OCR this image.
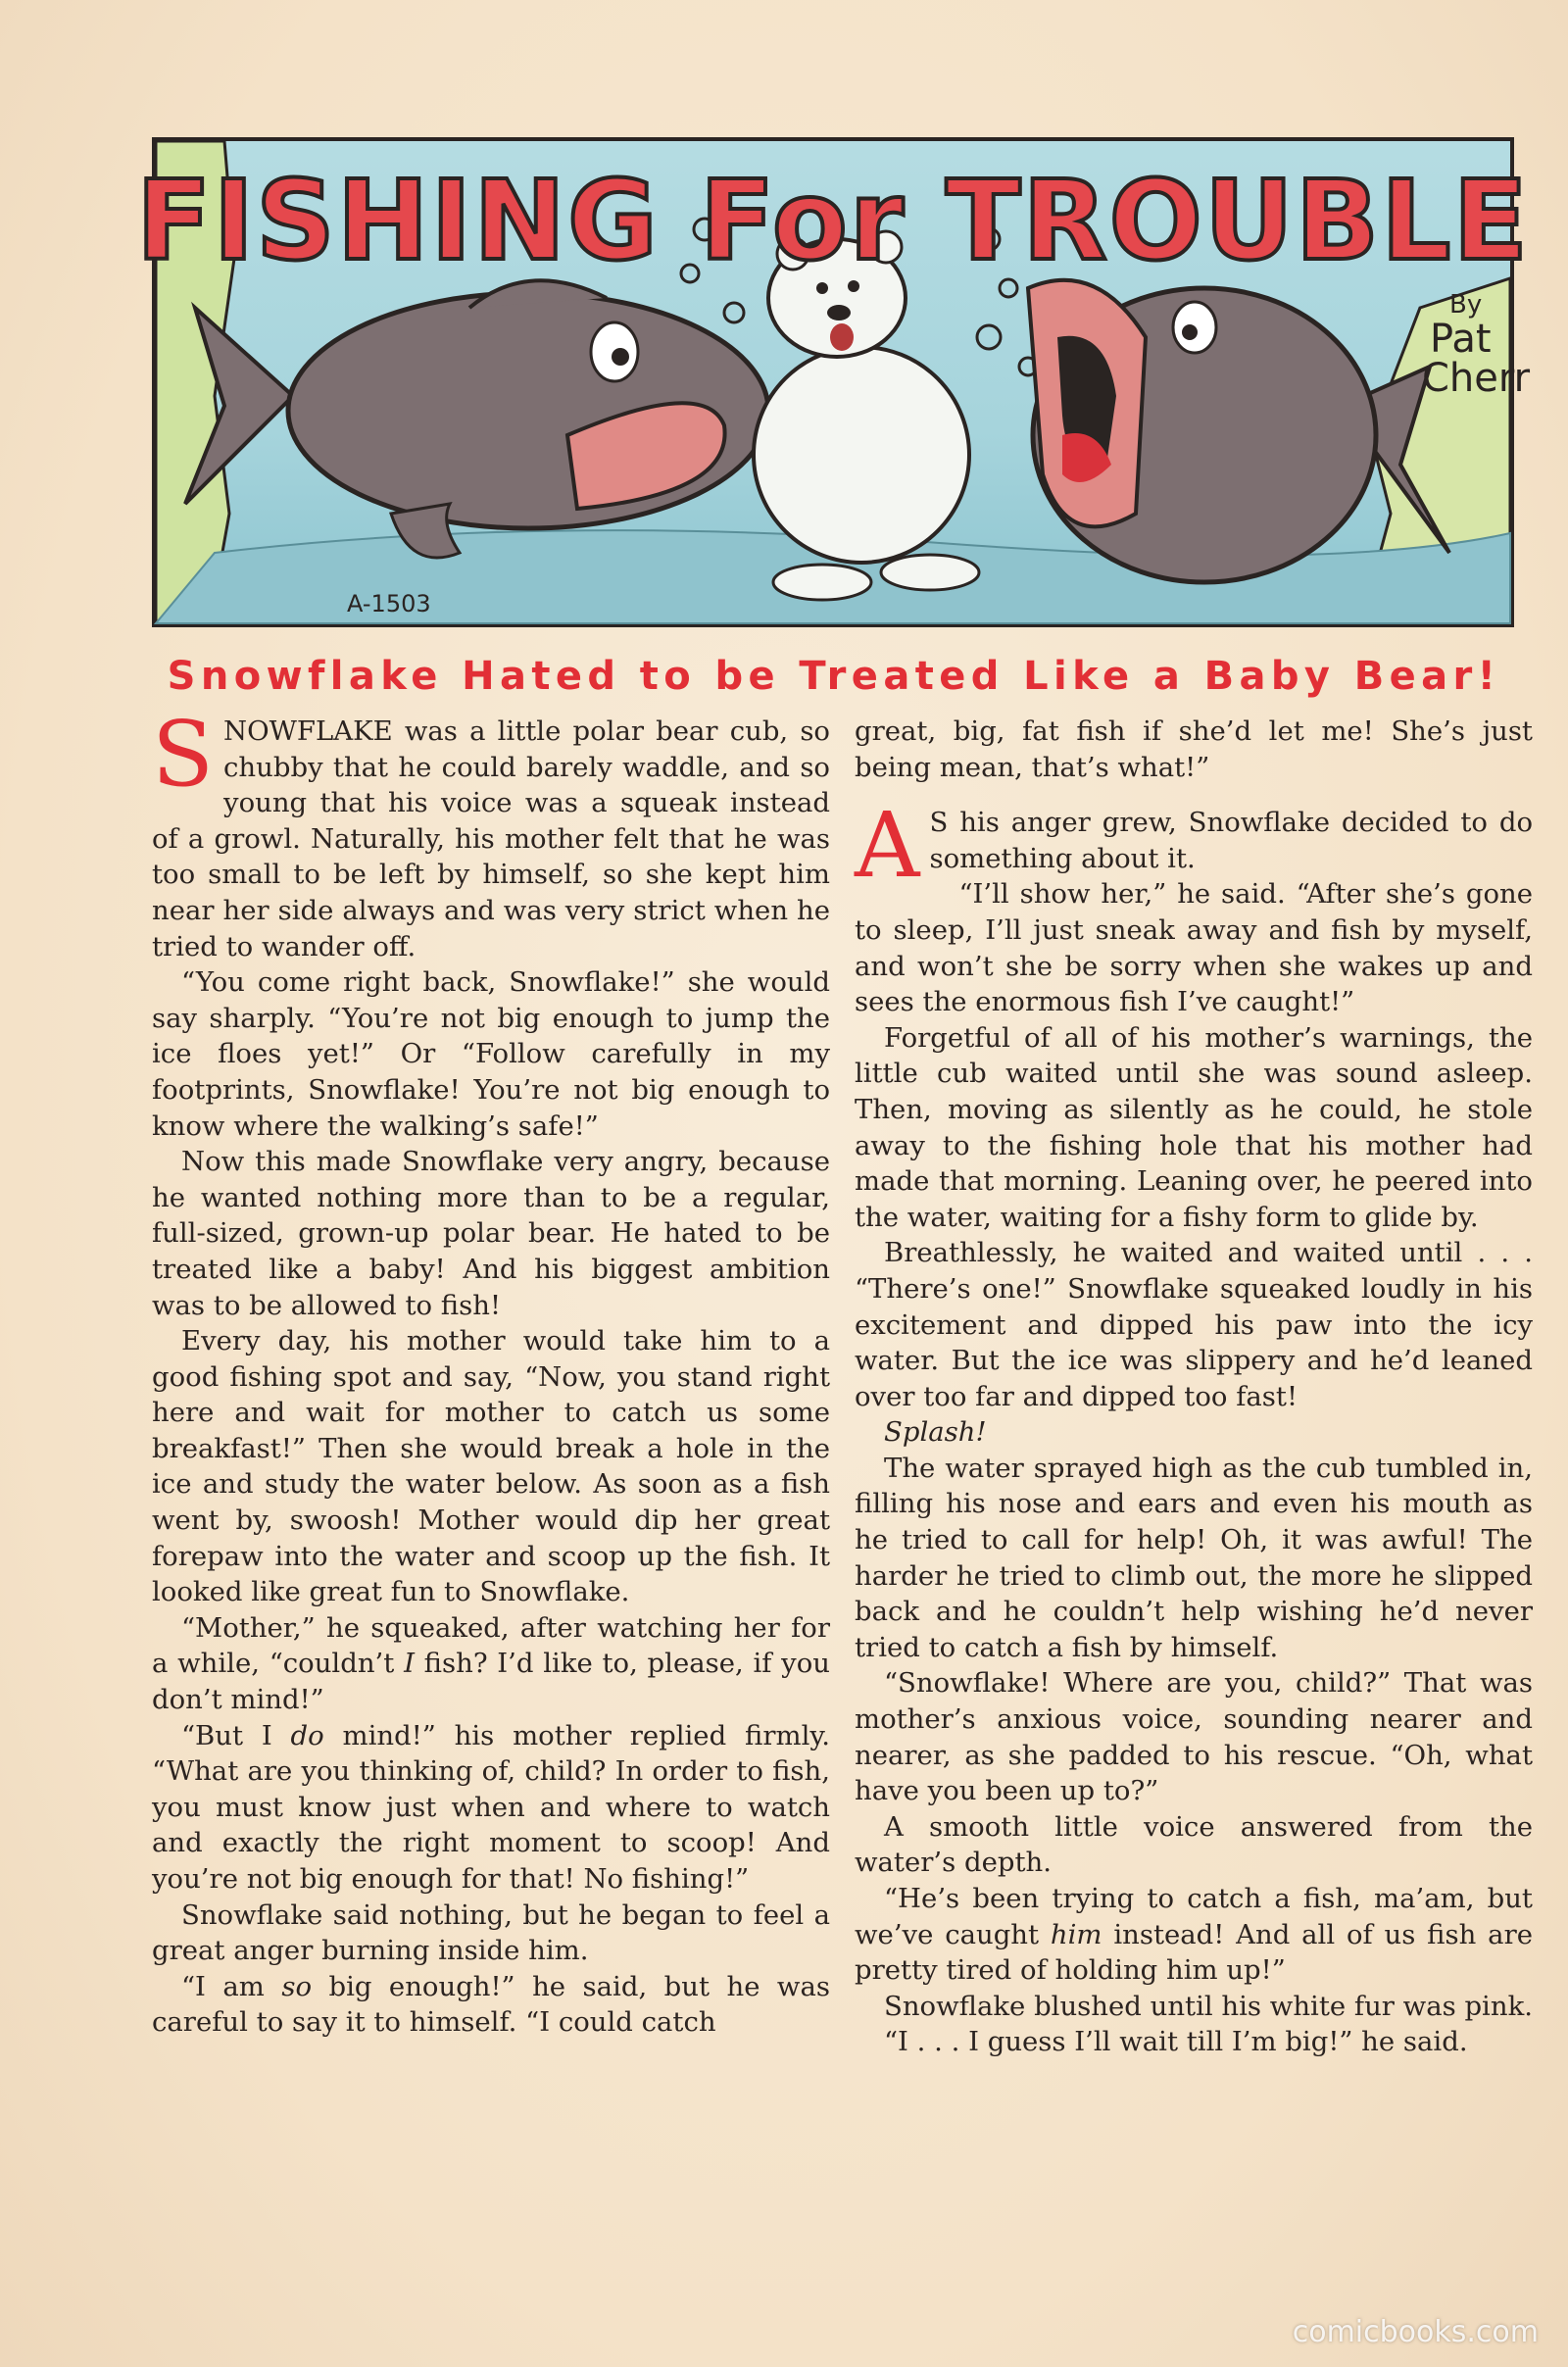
FISHING For TROUBLE
By
Pat
Cherr
A-1503
Snowflake Hated to be Treated Like a Baby Bear!

SNOWFLAKE was a little polar bear cub, so chubby that he could barely waddle, and so young that his voice was a squeak instead of a growl. Naturally, his mother felt that he was too small to be left by himself, so she kept him near her side always and was very strict when he tried to wander off.

“You come right back, Snowflake!” she would say sharply. “You’re not big enough to jump the ice floes yet!” Or “Follow carefully in my footprints, Snowflake! You’re not big enough to know where the walking’s safe!”

Now this made Snowflake very angry, because he wanted nothing more than to be a regular, full-sized, grown-up polar bear. He hated to be treated like a baby! And his biggest ambition was to be allowed to fish!

Every day, his mother would take him to a good fishing spot and say, “Now, you stand right here and wait for mother to catch us some breakfast!” Then she would break a hole in the ice and study the water below. As soon as a fish went by, swoosh! Mother would dip her great forepaw into the water and scoop up the fish. It looked like great fun to Snowflake.

“Mother,” he squeaked, after watching her for a while, “couldn’t I fish? I’d like to, please, if you don’t mind!”

“But I do mind!” his mother replied firmly. “What are you thinking of, child? In order to fish, you must know just when and where to watch and exactly the right moment to scoop! And you’re not big enough for that! No fishing!”

Snowflake said nothing, but he began to feel a great anger burning inside him.

“I am so big enough!” he said, but he was careful to say it to himself. “I could catch

great, big, fat fish if she’d let me! She’s just being mean, that’s what!”

A S his anger grew, Snowflake decided to do something about it.

“I’ll show her,” he said. “After she’s gone to sleep, I’ll just sneak away and fish by myself, and won’t she be sorry when she wakes up and sees the enormous fish I’ve caught!”

Forgetful of all of his mother’s warnings, the little cub waited until she was sound asleep. Then, moving as silently as he could, he stole away to the fishing hole that his mother had made that morning. Leaning over, he peered into the water, waiting for a fishy form to glide by.

Breathlessly, he waited and waited until . . . “There’s one!” Snowflake squeaked loudly in his excitement and dipped his paw into the icy water. But the ice was slippery and he’d leaned over too far and dipped too fast!

Splash!

The water sprayed high as the cub tumbled in, filling his nose and ears and even his mouth as he tried to call for help! Oh, it was awful! The harder he tried to climb out, the more he slipped back and he couldn’t help wishing he’d never tried to catch a fish by himself.

“Snowflake! Where are you, child?” That was mother’s anxious voice, sounding nearer and nearer, as she padded to his rescue. “Oh, what have you been up to?”

A smooth little voice answered from the water’s depth.

“He’s been trying to catch a fish, ma’am, but we’ve caught him instead! And all of us fish are pretty tired of holding him up!”

Snowflake blushed until his white fur was pink.

“I . . . I guess I’ll wait till I’m big!” he said.

comicbooks.com
